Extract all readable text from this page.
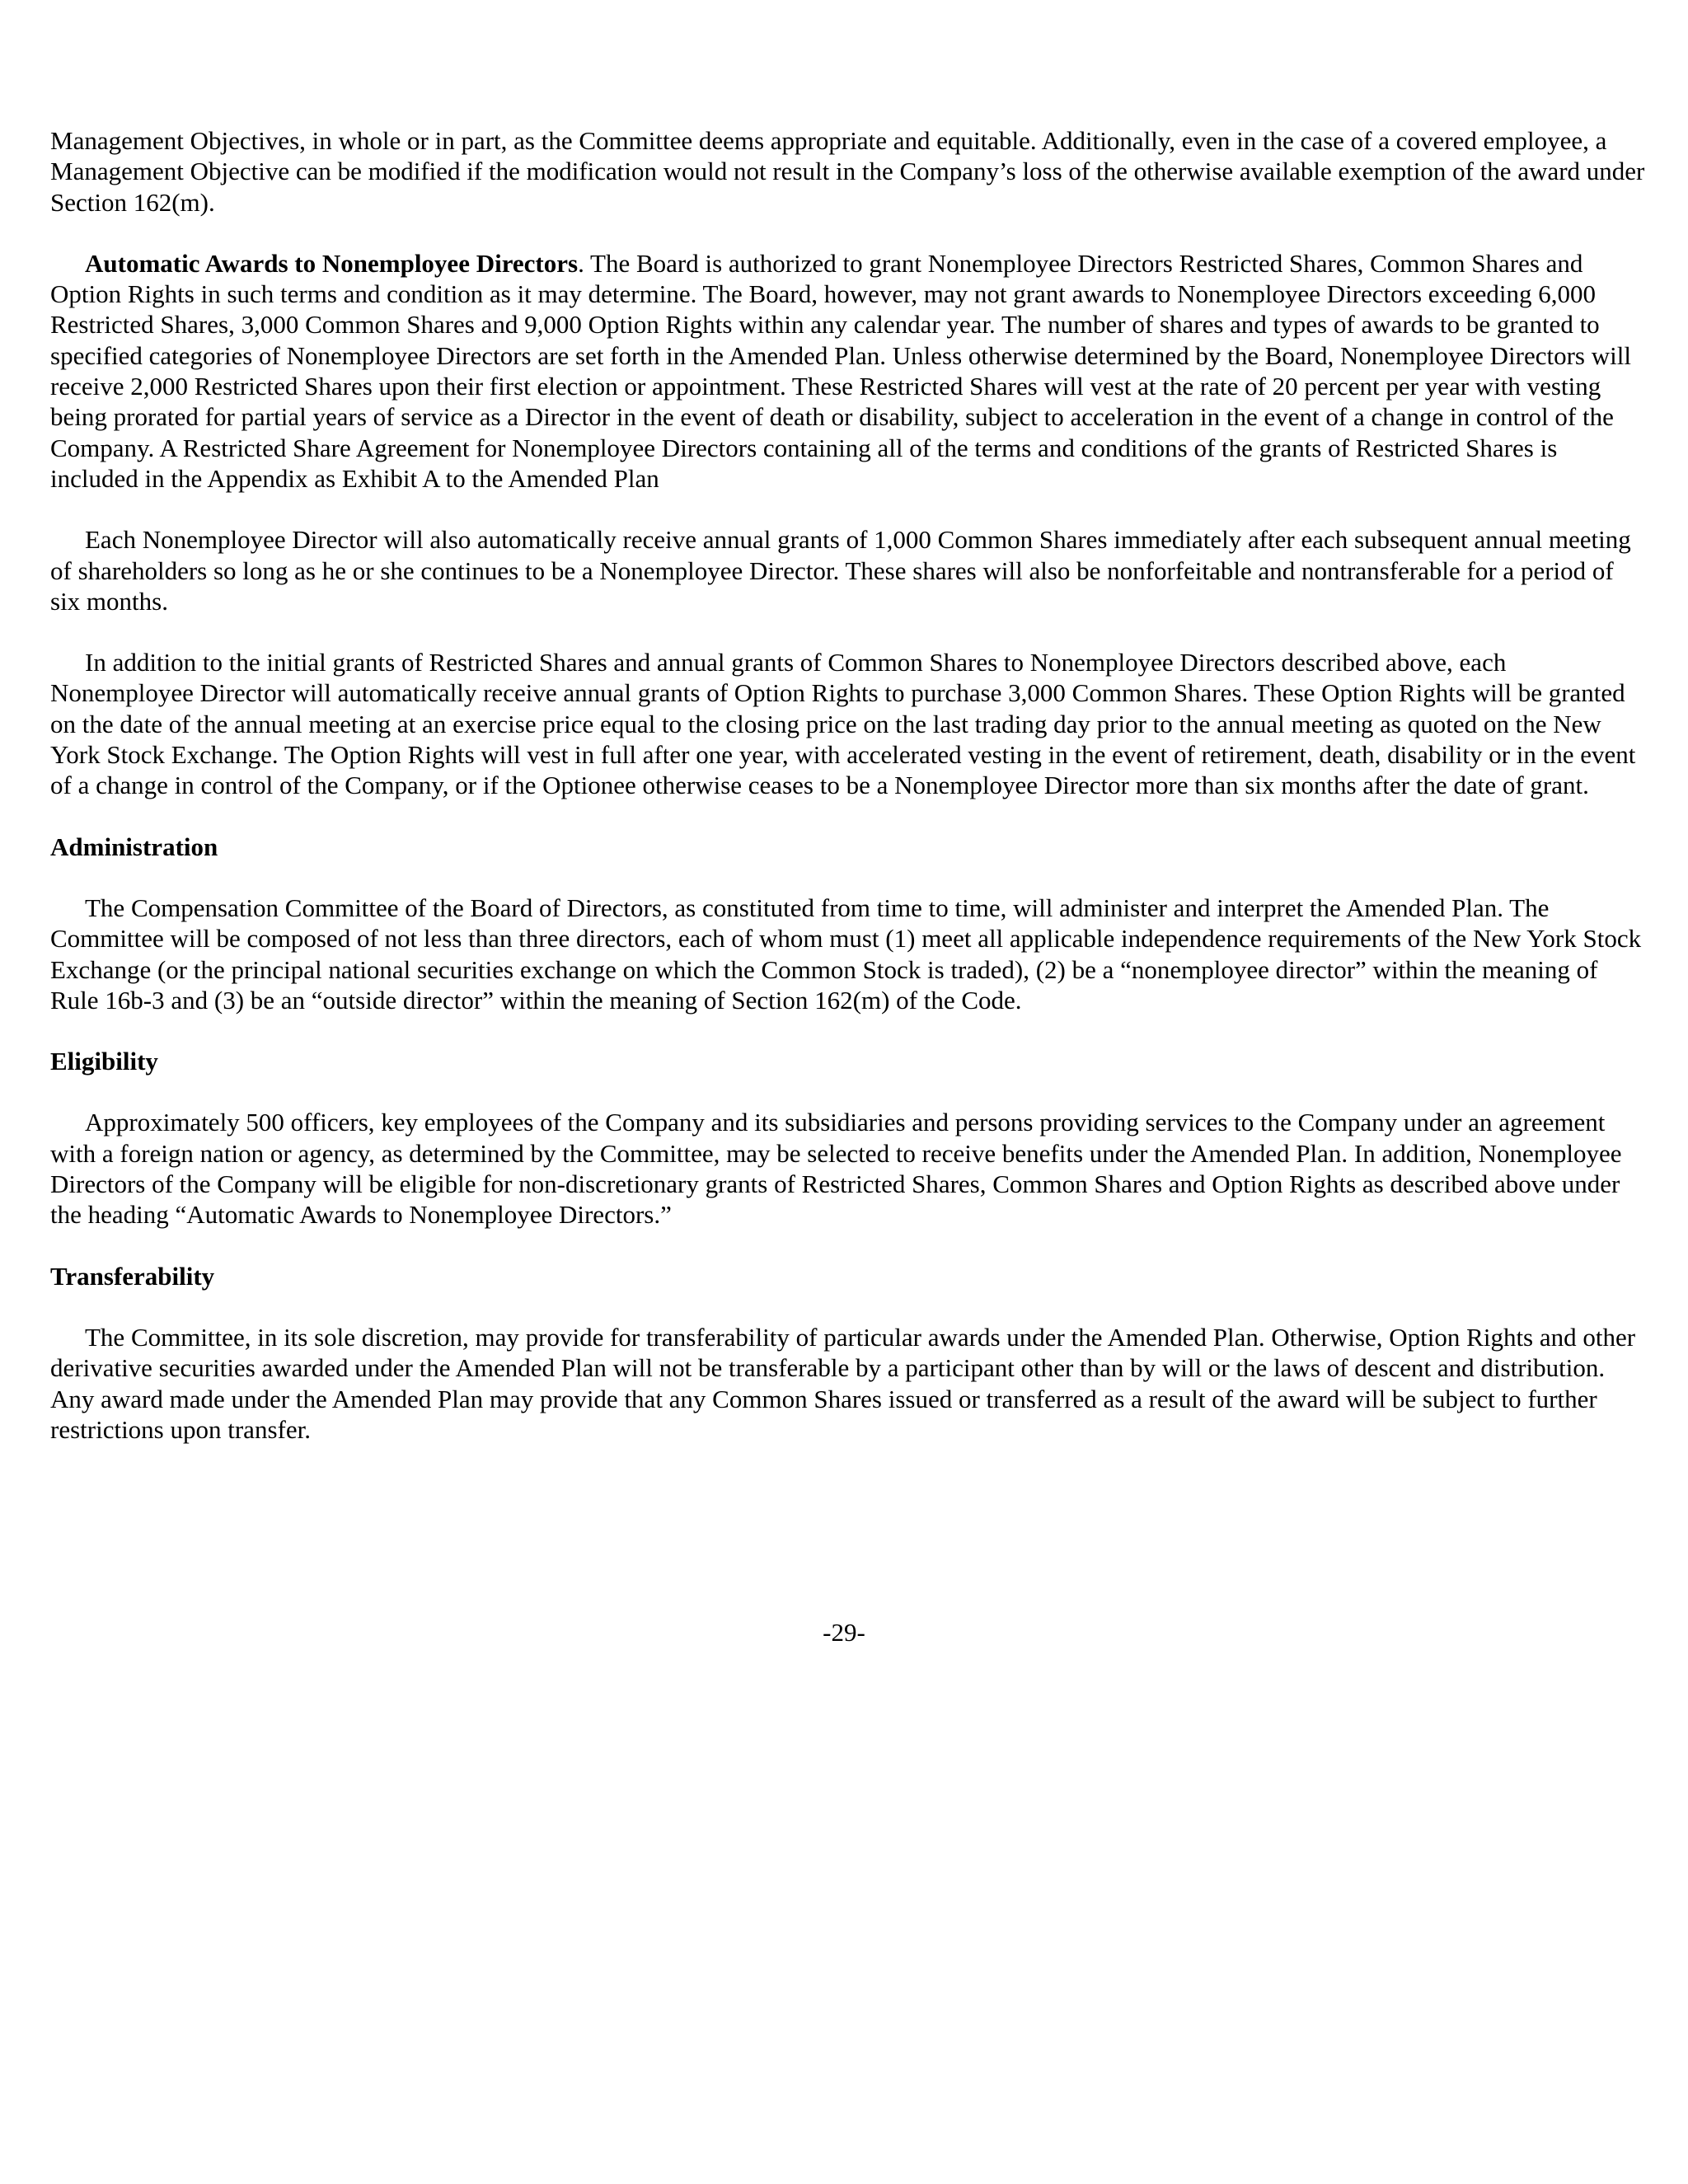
Management Objectives, in whole or in part, as the Committee deems appropriate and equitable. Additionally, even in the case of a covered employee, a Management Objective can be modified if the modification would not result in the Company’s loss of the otherwise available exemption of the award under Section 162(m).

Automatic Awards to Nonemployee Directors. The Board is authorized to grant Nonemployee Directors Restricted Shares, Common Shares and Option Rights in such terms and condition as it may determine. The Board, however, may not grant awards to Nonemployee Directors exceeding 6,000 Restricted Shares, 3,000 Common Shares and 9,000 Option Rights within any calendar year. The number of shares and types of awards to be granted to specified categories of Nonemployee Directors are set forth in the Amended Plan. Unless otherwise determined by the Board, Nonemployee Directors will receive 2,000 Restricted Shares upon their first election or appointment. These Restricted Shares will vest at the rate of 20 percent per year with vesting being prorated for partial years of service as a Director in the event of death or disability, subject to acceleration in the event of a change in control of the Company. A Restricted Share Agreement for Nonemployee Directors containing all of the terms and conditions of the grants of Restricted Shares is included in the Appendix as Exhibit A to the Amended Plan

Each Nonemployee Director will also automatically receive annual grants of 1,000 Common Shares immediately after each subsequent annual meeting of shareholders so long as he or she continues to be a Nonemployee Director. These shares will also be nonforfeitable and nontransferable for a period of six months.

In addition to the initial grants of Restricted Shares and annual grants of Common Shares to Nonemployee Directors described above, each Nonemployee Director will automatically receive annual grants of Option Rights to purchase 3,000 Common Shares. These Option Rights will be granted on the date of the annual meeting at an exercise price equal to the closing price on the last trading day prior to the annual meeting as quoted on the New York Stock Exchange. The Option Rights will vest in full after one year, with accelerated vesting in the event of retirement, death, disability or in the event of a change in control of the Company, or if the Optionee otherwise ceases to be a Nonemployee Director more than six months after the date of grant.

Administration

The Compensation Committee of the Board of Directors, as constituted from time to time, will administer and interpret the Amended Plan. The Committee will be composed of not less than three directors, each of whom must (1) meet all applicable independence requirements of the New York Stock Exchange (or the principal national securities exchange on which the Common Stock is traded), (2) be a “nonemployee director” within the meaning of Rule 16b-3 and (3) be an “outside director” within the meaning of Section 162(m) of the Code.

Eligibility

Approximately 500 officers, key employees of the Company and its subsidiaries and persons providing services to the Company under an agreement with a foreign nation or agency, as determined by the Committee, may be selected to receive benefits under the Amended Plan. In addition, Nonemployee Directors of the Company will be eligible for non-discretionary grants of Restricted Shares, Common Shares and Option Rights as described above under the heading “Automatic Awards to Nonemployee Directors.”

Transferability

The Committee, in its sole discretion, may provide for transferability of particular awards under the Amended Plan. Otherwise, Option Rights and other derivative securities awarded under the Amended Plan will not be transferable by a participant other than by will or the laws of descent and distribution. Any award made under the Amended Plan may provide that any Common Shares issued or transferred as a result of the award will be subject to further restrictions upon transfer.

-29-
